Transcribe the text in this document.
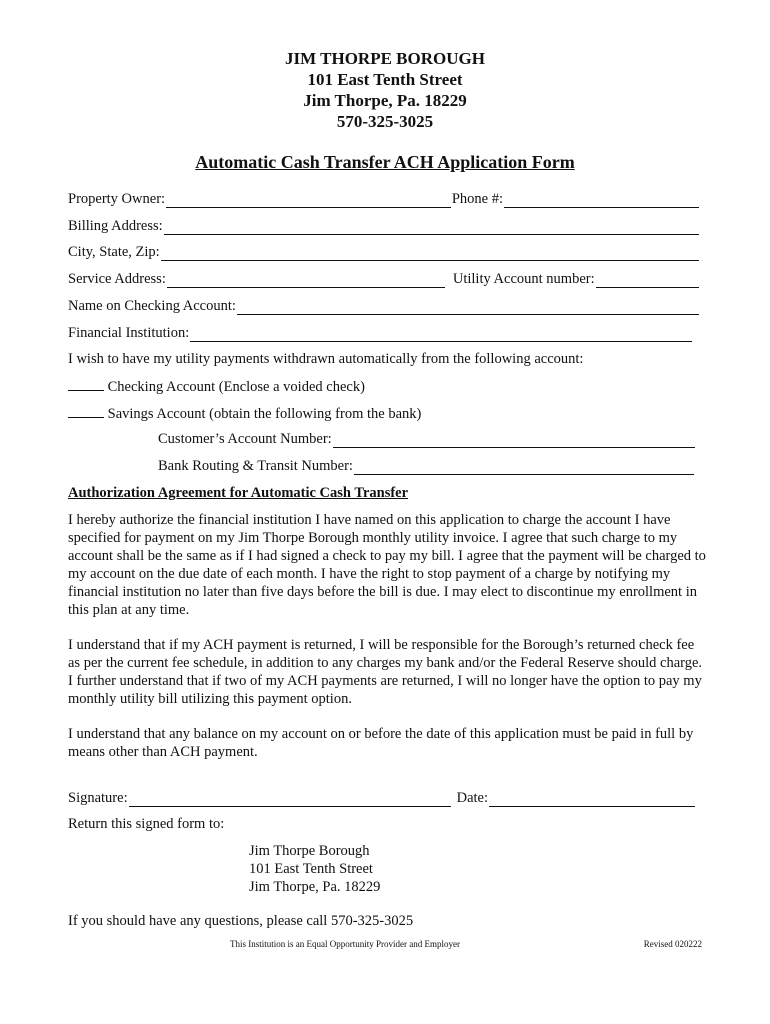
JIM THORPE BOROUGH
101 East Tenth Street
Jim Thorpe, Pa. 18229
570-325-3025
Automatic Cash Transfer ACH Application Form
Property Owner:	Phone #:
Billing Address:
City, State, Zip:
Service Address:	Utility Account number:
Name on Checking Account:
Financial Institution:
I wish to have my utility payments withdrawn automatically from the following account:
Checking Account (Enclose a voided check)
Savings Account (obtain the following from the bank)
Customer’s Account Number:
Bank Routing & Transit Number:
Authorization Agreement for Automatic Cash Transfer
I hereby authorize the financial institution I have named on this application to charge the account I have specified for payment on my Jim Thorpe Borough monthly utility invoice. I agree that such charge to my account shall be the same as if I had signed a check to pay my bill. I agree that the payment will be charged to my account on the due date of each month. I have the right to stop payment of a charge by notifying my financial institution no later than five days before the bill is due. I may elect to discontinue my enrollment in this plan at any time.
I understand that if my ACH payment is returned, I will be responsible for the Borough’s returned check fee as per the current fee schedule, in addition to any charges my bank and/or the Federal Reserve should charge. I further understand that if two of my ACH payments are returned, I will no longer have the option to pay my monthly utility bill utilizing this payment option.
I understand that any balance on my account on or before the date of this application must be paid in full by means other than ACH payment.
Signature:	Date:
Return this signed form to:
Jim Thorpe Borough
101 East Tenth Street
Jim Thorpe, Pa. 18229
If you should have any questions, please call 570-325-3025
This Institution is an Equal Opportunity Provider and Employer	Revised 020222
